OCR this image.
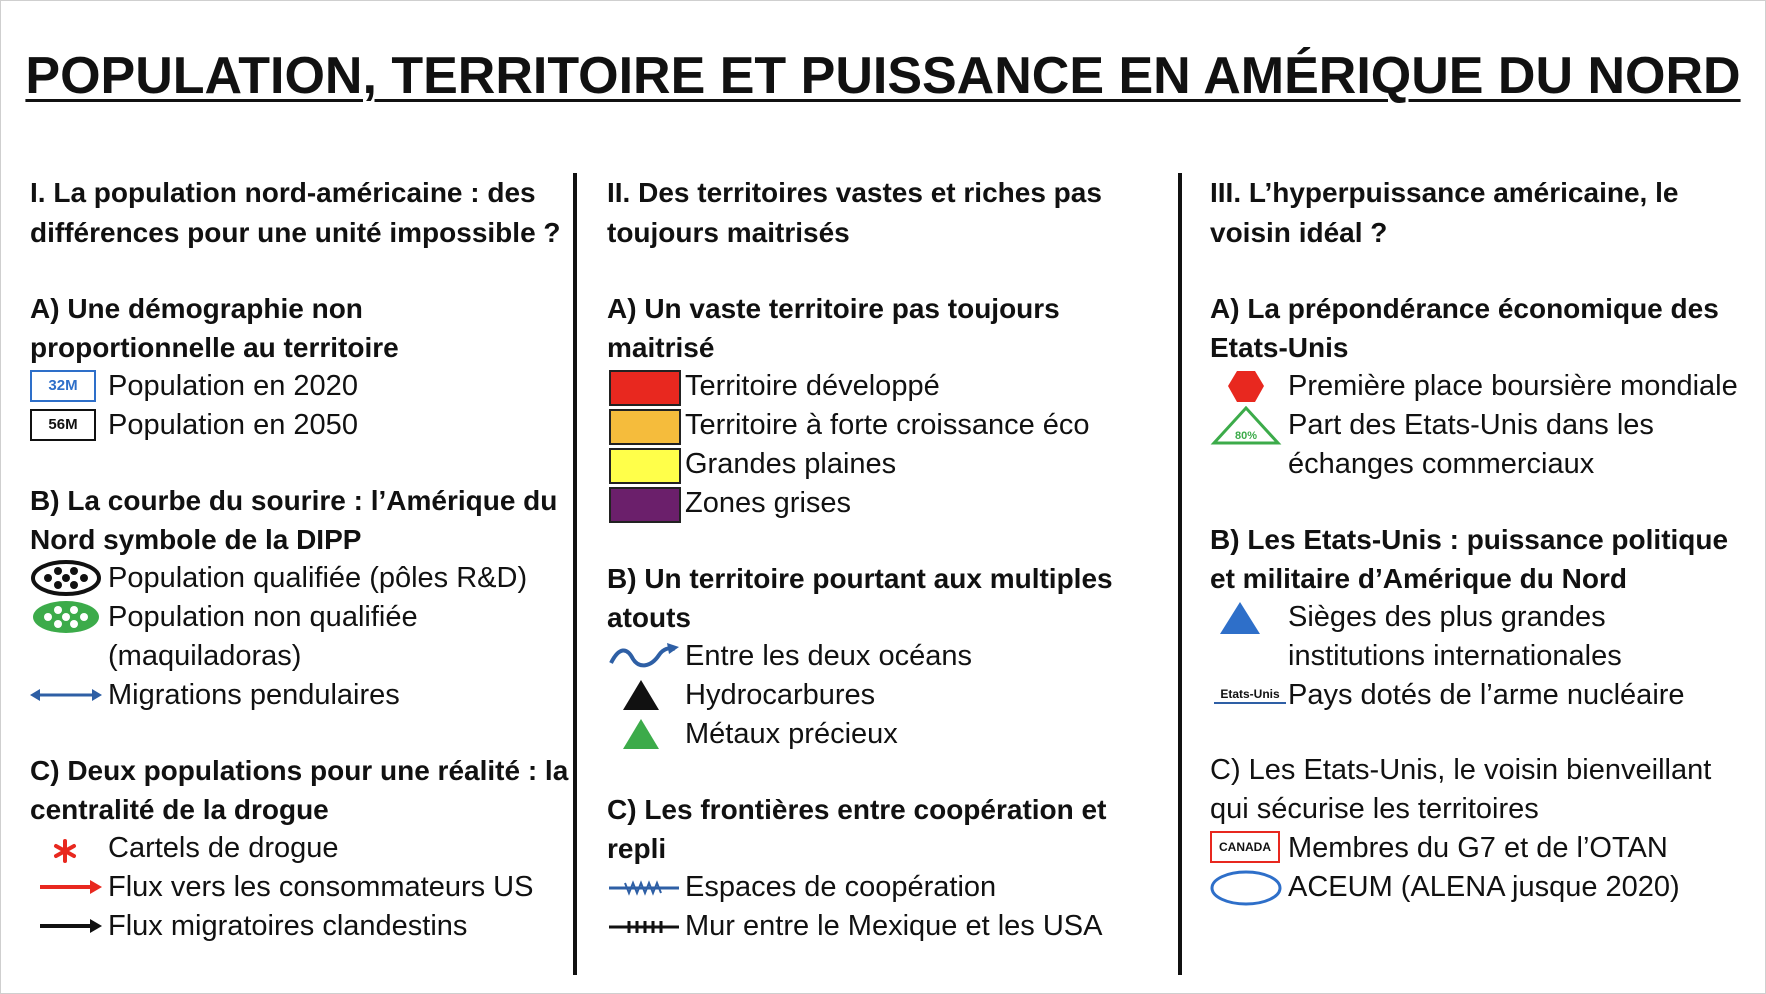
POPULATION, TERRITOIRE ET PUISSANCE EN AMÉRIQUE DU NORD
I. La population nord-américaine : des différences pour une unité impossible ?
A) Une démographie non proportionnelle au territoire
32M	Population en 2020
56M	Population en 2050
B) La courbe du sourire : l’Amérique du Nord symbole de la DIPP
Population qualifiée (pôles R&D)
Population non qualifiée (maquiladoras)
Migrations pendulaires
C) Deux populations pour une réalité : la centralité de la drogue
Cartels de drogue
Flux vers les consommateurs US
Flux migratoires clandestins
II. Des territoires vastes et riches pas toujours maitrisés
A) Un vaste territoire pas toujours maitrisé
Territoire développé
Territoire à forte croissance éco
Grandes plaines
Zones grises
B) Un territoire pourtant aux multiples atouts
Entre les deux océans
Hydrocarbures
Métaux précieux
C) Les frontières entre coopération et repli
Espaces de coopération
Mur entre le Mexique et les USA
III. L’hyperpuissance américaine, le voisin idéal ?
A) La prépondérance économique des Etats-Unis
Première place boursière mondiale
80% Part des Etats-Unis dans les échanges commerciaux
B) Les Etats-Unis : puissance politique et militaire d’Amérique du Nord
Sièges des plus grandes institutions internationales
Etats-Unis Pays dotés de l’arme nucléaire
C) Les Etats-Unis, le voisin bienveillant qui sécurise les territoires
CANADA Membres du G7 et de l’OTAN
ACEUM (ALENA jusque 2020)
